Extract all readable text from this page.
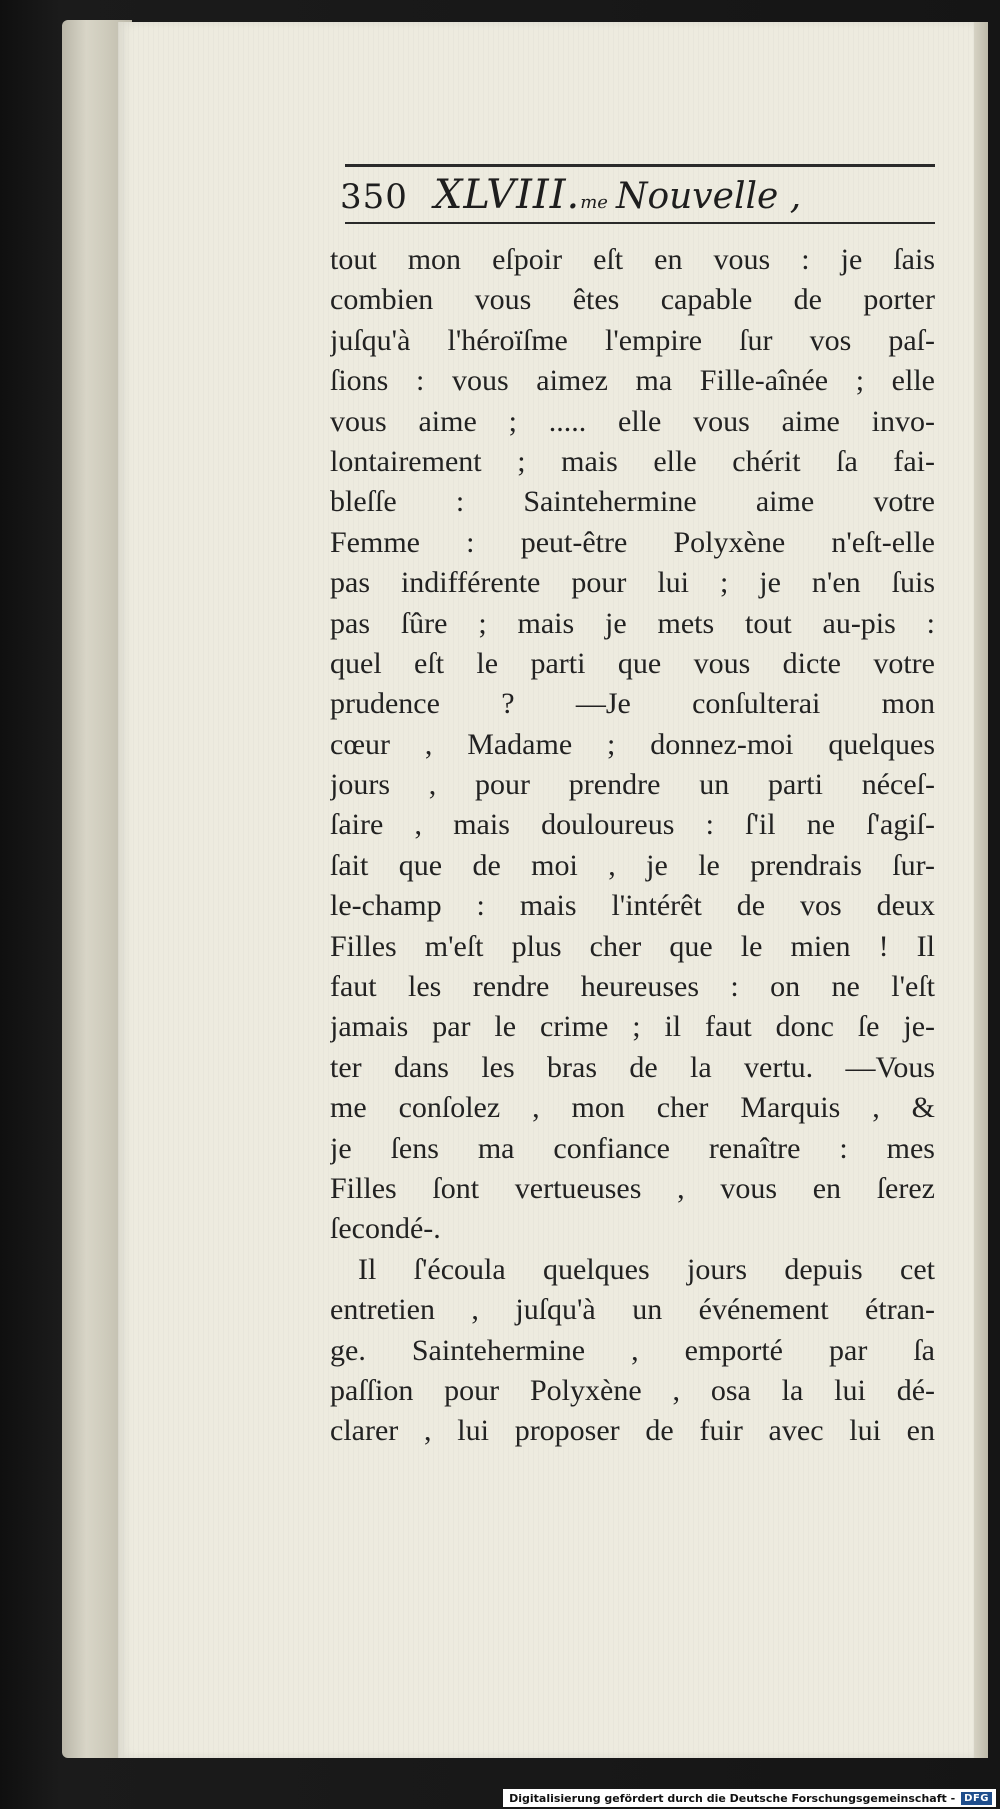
350 XLVIII. me Nouvelle ,
tout mon eſpoir eſt en vous : je ſais
combien vous êtes capable de porter
juſqu'à l'héroïſme l'empire ſur vos paſ-
ſions : vous aimez ma Fille-aînée ; elle
vous aime ; ..... elle vous aime invo-
lontairement ; mais elle chérit ſa fai-
bleſſe : Saintehermine aime votre
Femme : peut-être Polyxène n'eſt-elle
pas indifférente pour lui ; je n'en ſuis
pas ſûre ; mais je mets tout au-pis :
quel eſt le parti que vous dicte votre
prudence ? —Je conſulterai mon
cœur , Madame ; donnez-moi quelques
jours , pour prendre un parti néceſ-
ſaire , mais douloureus : ſ'il ne ſ'agiſ-
ſait que de moi , je le prendrais ſur-
le-champ : mais l'intérêt de vos deux
Filles m'eſt plus cher que le mien ! Il
faut les rendre heureuses : on ne l'eſt
jamais par le crime ; il faut donc ſe je-
ter dans les bras de la vertu. —Vous
me conſolez , mon cher Marquis , &
je ſens ma confiance renaître : mes
Filles ſont vertueuses , vous en ſerez
ſecondé-.
Il ſ'écoula quelques jours depuis cet
entretien , juſqu'à un événement étran-
ge. Saintehermine , emporté par ſa
paſſion pour Polyxène , osa la lui dé-
clarer , lui proposer de fuir avec lui en
Digitalisierung gefördert durch die Deutsche Forschungsgemeinschaft - DFG
